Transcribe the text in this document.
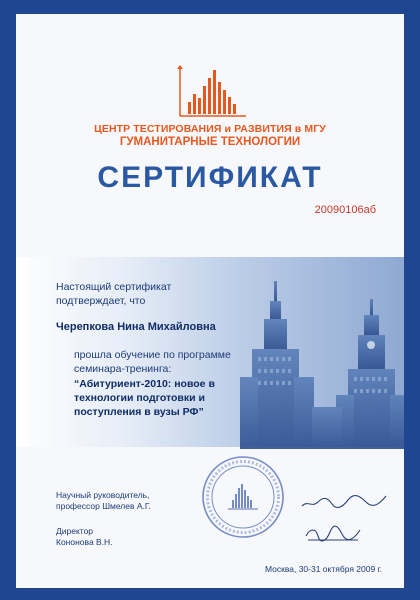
ЦЕНТР ТЕСТИРОВАНИЯ и РАЗВИТИЯ в МГУ
ГУМАНИТАРНЫЕ ТЕХНОЛОГИИ
СЕРТИФИКАТ
20090106аб
Настоящий сертификат подтверждает, что
Черепкова Нина Михайловна
прошла обучение по программе семинара-тренинга:
“Абитуриент-2010: новое в технологии подготовки и поступления в вузы РФ”
Научный руководитель,
профессор Шмелев А.Г.
Директор
Кононова В.Н.
Москва, 30-31 октября 2009 г.
